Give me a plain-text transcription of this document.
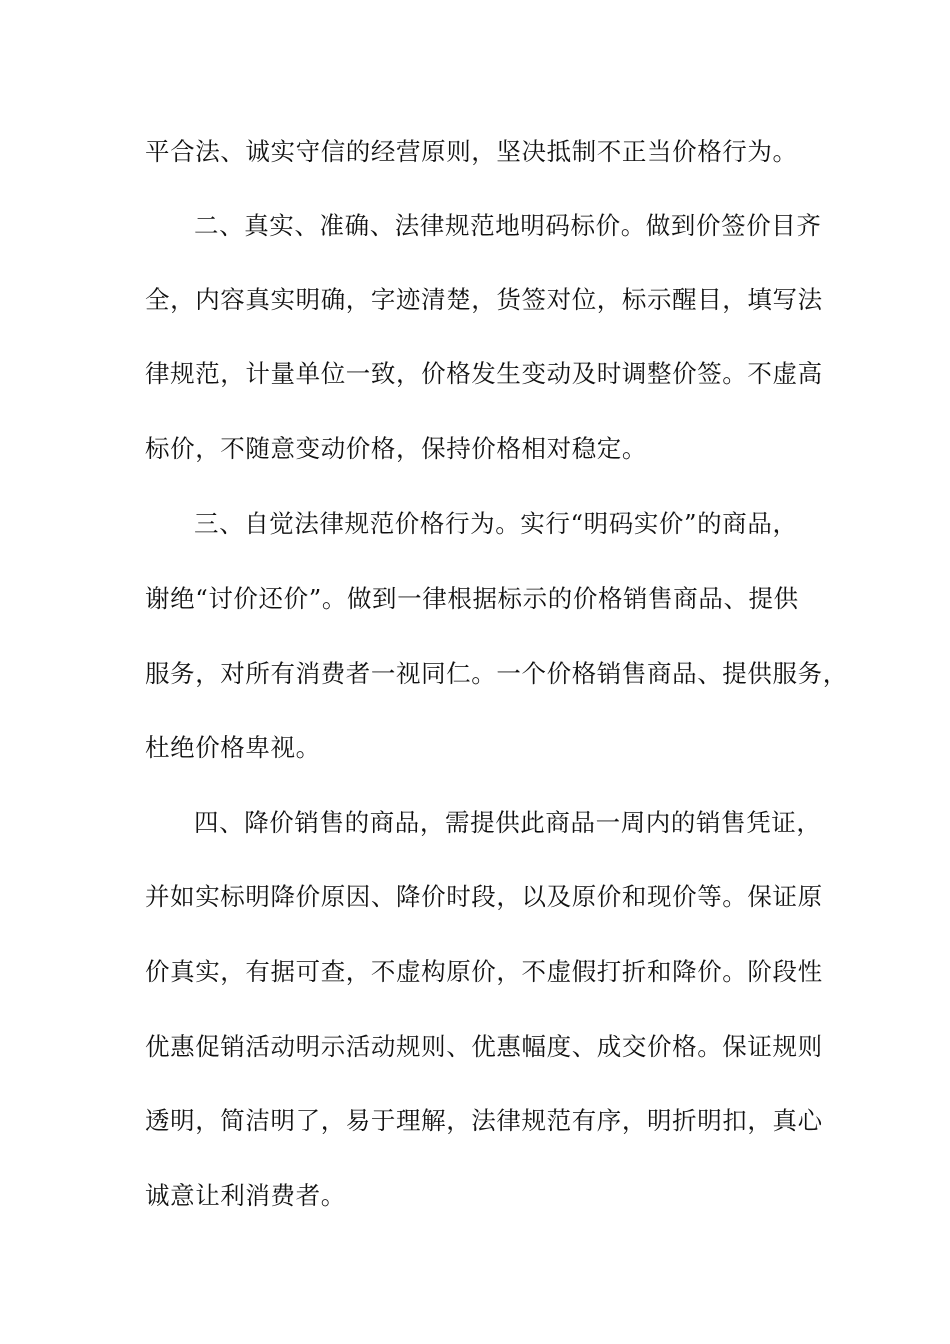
平合法、诚实守信的经营原则，坚决抵制不正当价格行为。
二、真实、准确、法律规范地明码标价。做到价签价目齐
全，内容真实明确，字迹清楚，货签对位，标示醒目，填写法
律规范，计量单位一致，价格发生变动及时调整价签。不虚高
标价，不随意变动价格，保持价格相对稳定。
三、自觉法律规范价格行为。实行“明码实价”的商品，
谢绝“讨价还价”。做到一律根据标示的价格销售商品、提供
服务，对所有消费者一视同仁。一个价格销售商品、提供服务，
杜绝价格卑视。
四、降价销售的商品，需提供此商品一周内的销售凭证，
并如实标明降价原因、降价时段，以及原价和现价等。保证原
价真实，有据可查，不虚构原价，不虚假打折和降价。阶段性
优惠促销活动明示活动规则、优惠幅度、成交价格。保证规则
透明，简洁明了，易于理解，法律规范有序，明折明扣，真心
诚意让利消费者。
